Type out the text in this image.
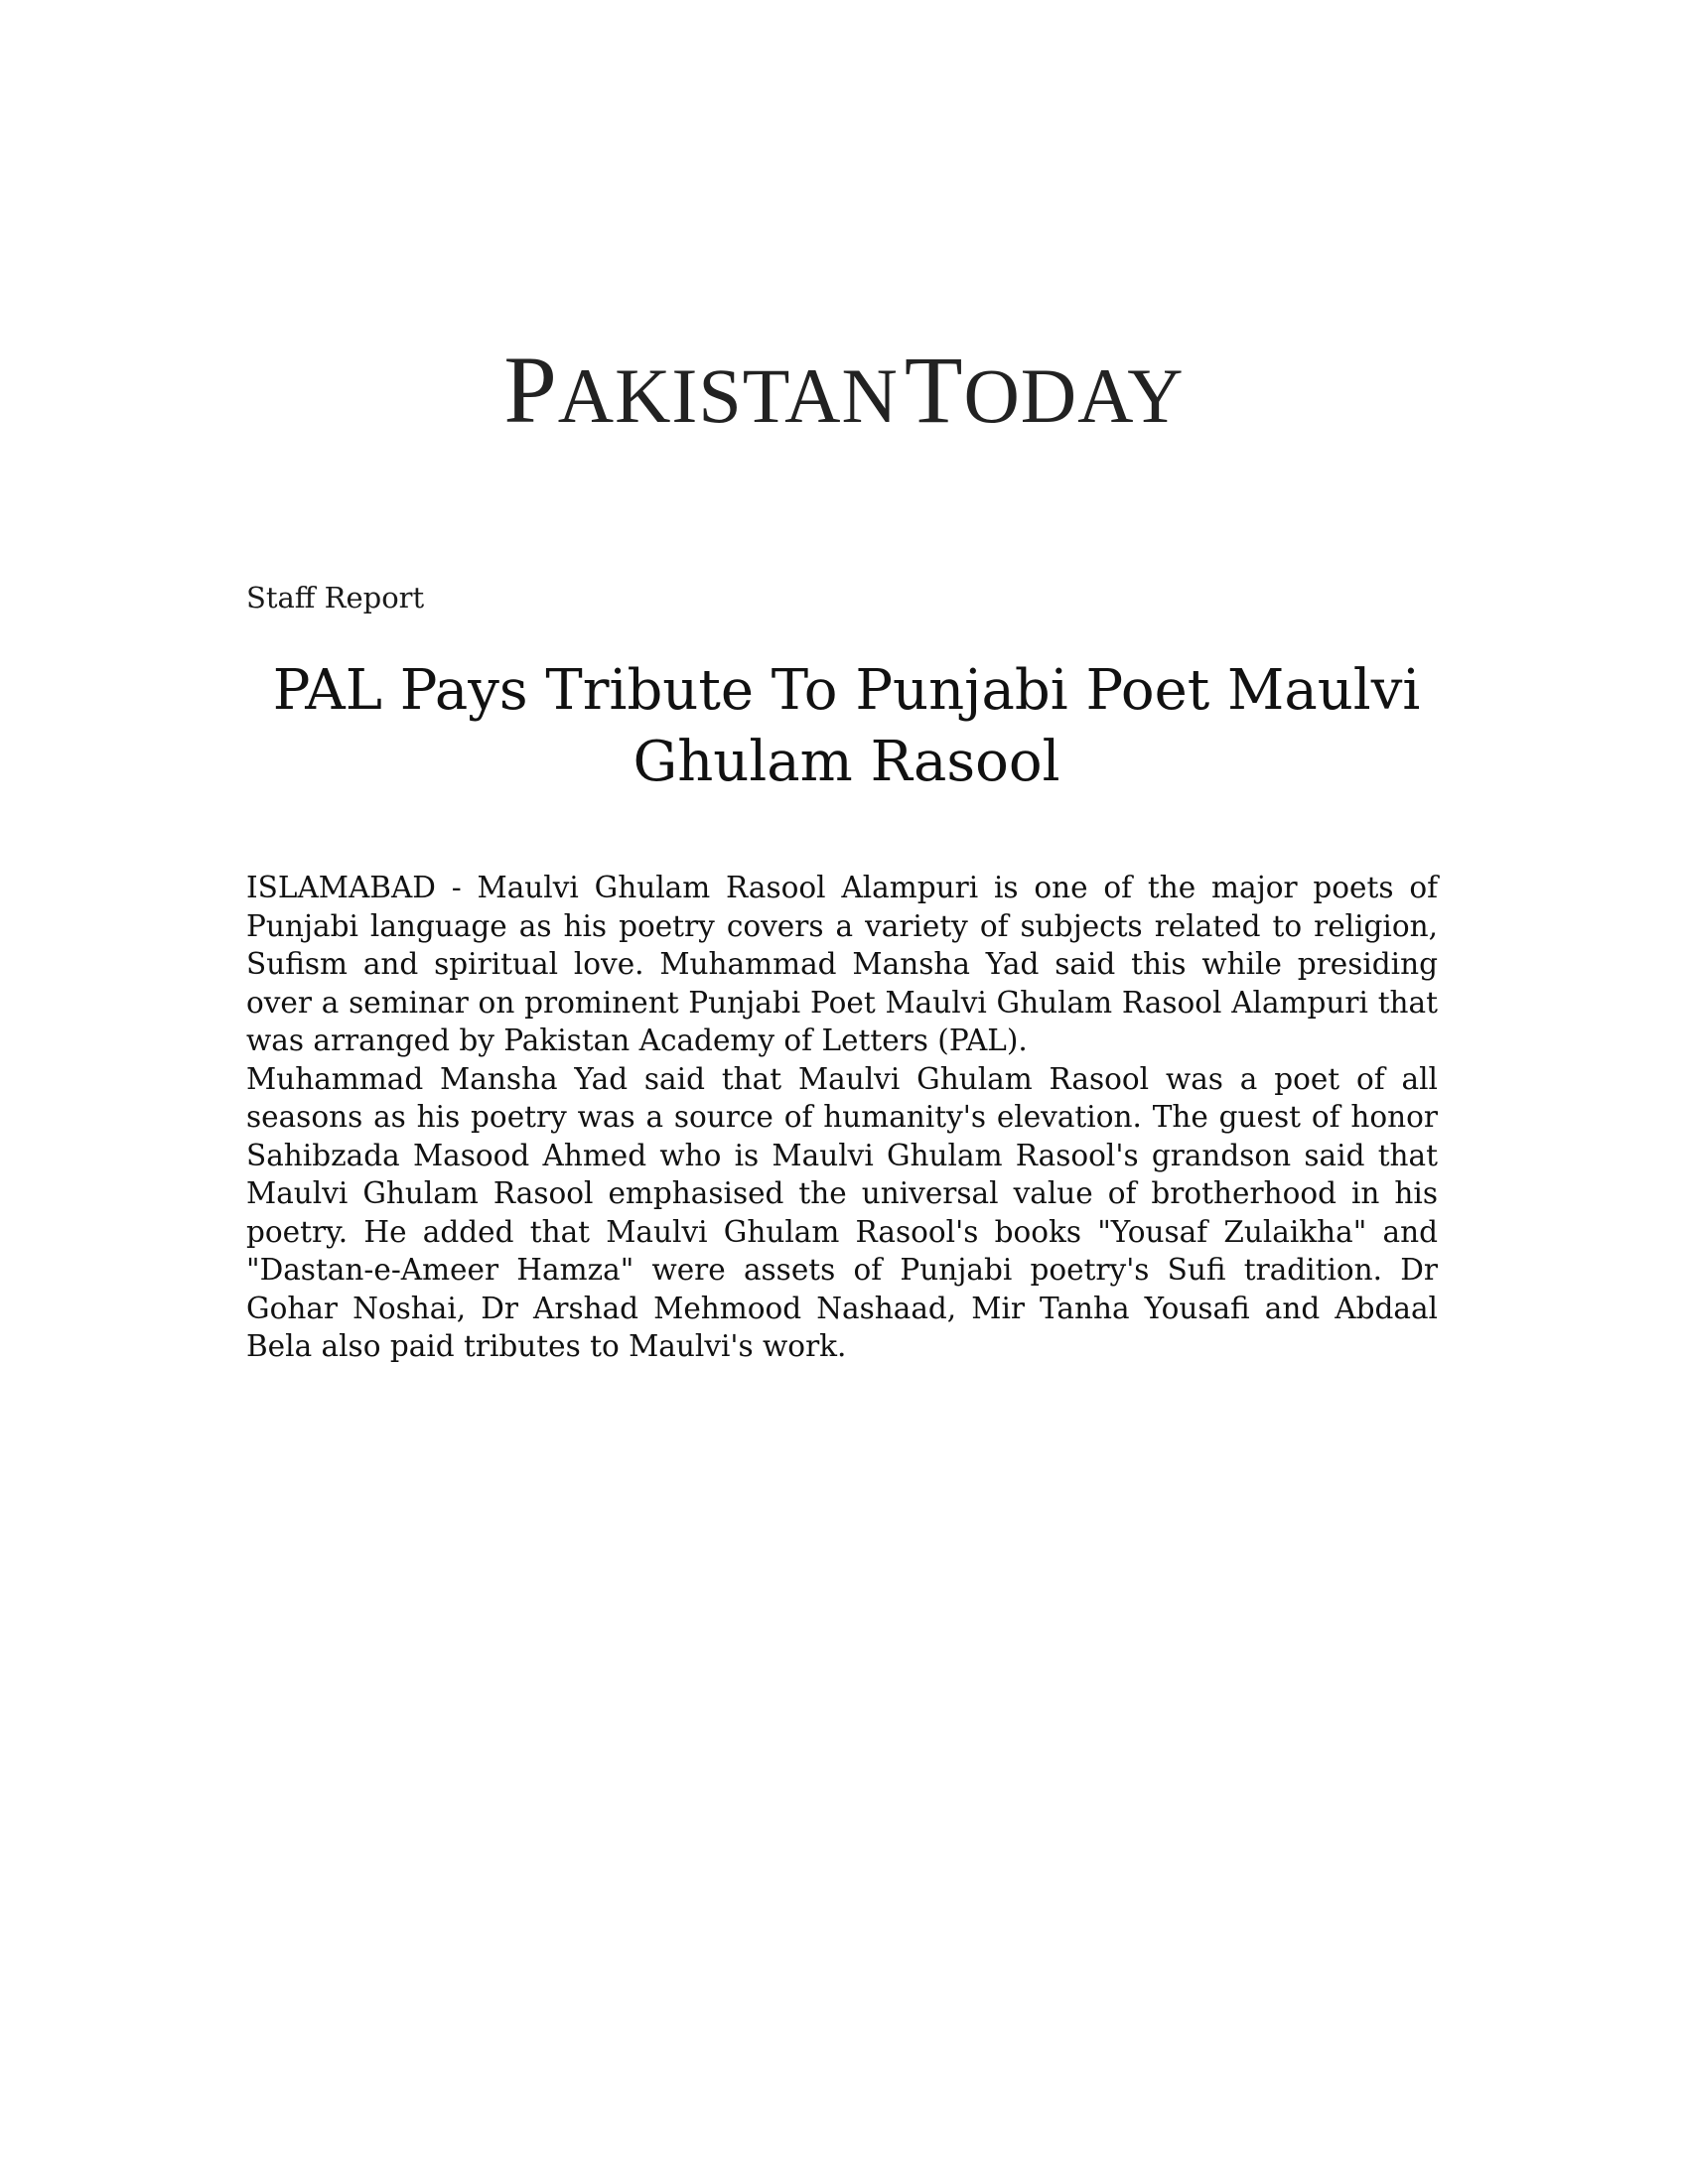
PAKISTANTODAY
Staff Report
PAL Pays Tribute To Punjabi Poet Maulvi Ghulam Rasool

ISLAMABAD - Maulvi Ghulam Rasool Alampuri is one of the major poets of Punjabi language as his poetry covers a variety of subjects related to religion, Sufism and spiritual love. Muhammad Mansha Yad said this while presiding over a seminar on prominent Punjabi Poet Maulvi Ghulam Rasool Alampuri that was arranged by Pakistan Academy of Letters (PAL).

Muhammad Mansha Yad said that Maulvi Ghulam Rasool was a poet of all seasons as his poetry was a source of humanity's elevation. The guest of honor Sahibzada Masood Ahmed who is Maulvi Ghulam Rasool's grandson said that Maulvi Ghulam Rasool emphasised the universal value of brotherhood in his poetry. He added that Maulvi Ghulam Rasool's books "Yousaf Zulaikha" and "Dastan-e-Ameer Hamza" were assets of Punjabi poetry's Sufi tradition. Dr Gohar Noshai, Dr Arshad Mehmood Nashaad, Mir Tanha Yousafi and Abdaal Bela also paid tributes to Maulvi's work.
